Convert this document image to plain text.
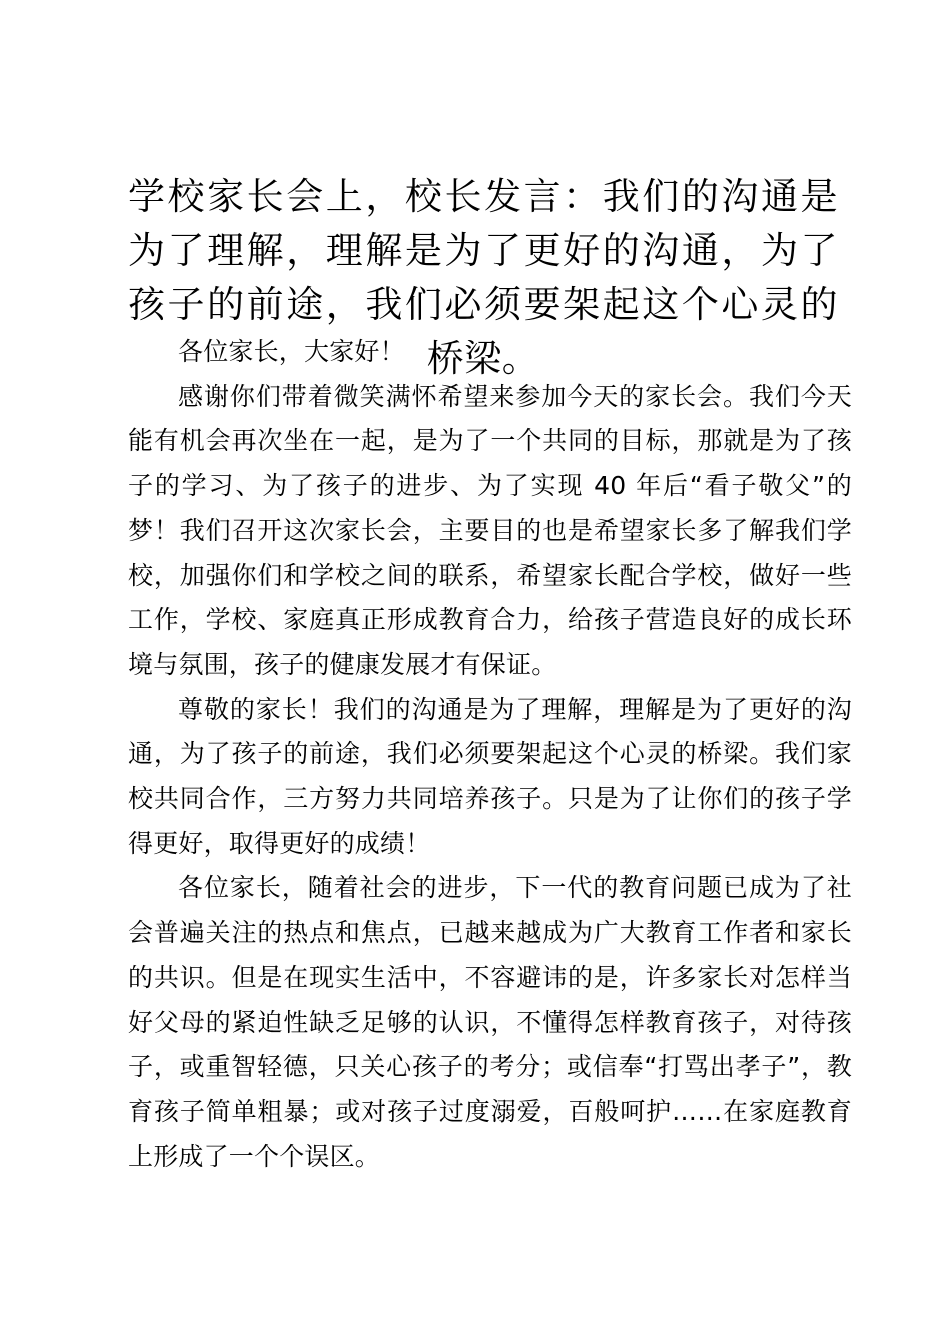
学校家长会上，校长发言：我们的沟通是为了理解，理解是为了更好的沟通，为了孩子的前途，我们必须要架起这个心灵的桥梁。

各位家长，大家好！

感谢你们带着微笑满怀希望来参加今天的家长会。我们今天能有机会再次坐在一起，是为了一个共同的目标，那就是为了孩子的学习、为了孩子的进步、为了实现 40 年后“看子敬父”的梦！我们召开这次家长会，主要目的也是希望家长多了解我们学校，加强你们和学校之间的联系，希望家长配合学校，做好一些工作，学校、家庭真正形成教育合力，给孩子营造良好的成长环境与氛围，孩子的健康发展才有保证。

尊敬的家长！我们的沟通是为了理解，理解是为了更好的沟通，为了孩子的前途，我们必须要架起这个心灵的桥梁。我们家校共同合作，三方努力共同培养孩子。只是为了让你们的孩子学得更好，取得更好的成绩！

各位家长，随着社会的进步，下一代的教育问题已成为了社会普遍关注的热点和焦点，已越来越成为广大教育工作者和家长的共识。但是在现实生活中，不容避讳的是，许多家长对怎样当好父母的紧迫性缺乏足够的认识，不懂得怎样教育孩子，对待孩子，或重智轻德，只关心孩子的考分；或信奉“打骂出孝子”，教育孩子简单粗暴；或对孩子过度溺爱，百般呵护……在家庭教育上形成了一个个误区。
